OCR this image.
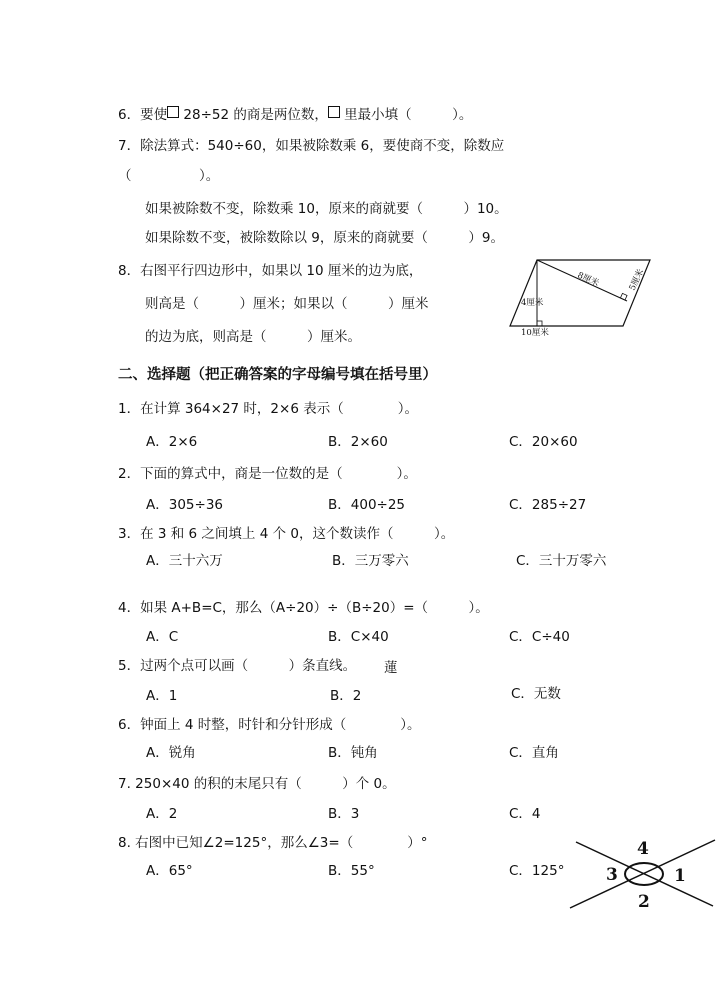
6．要使 28÷52 的商是两位数， 里最小填（　　　）。
7．除法算式：540÷60，如果被除数乘 6，要使商不变，除数应
（　　　　　）。
如果被除数不变，除数乘 10，原来的商就要（　　　）10。
如果除数不变，被除数除以 9，原来的商就要（　　　）9。
8．右图平行四边形中，如果以 10 厘米的边为底，
则高是（　　　）厘米；如果以（　　　）厘米
的边为底，则高是（　　　）厘米。
8厘米	5厘米
4厘米
10厘米
二、选择题（把正确答案的字母编号填在括号里）
1．在计算 364×27 时，2×6 表示（　　　　）。
A．2×6	B．2×60	C．20×60
2．下面的算式中，商是一位数的是（　　　　）。
A．305÷36	B．400÷25	C．285÷27
3．在 3 和 6 之间填上 4 个 0，这个数读作（　　　）。
A．三十六万	B．三万零六	C．三十万零六
4．如果 A+B=C，那么（A÷20）÷（B÷20）=（　　　）。
A．C	B．C×40	C．C÷40
5．过两个点可以画（　　　）条直线。 蓮
A．1	B．2	C．无数
6．钟面上 4 时整，时针和分针形成（　　　　）。
A．锐角	B．钝角	C．直角
7. 250×40 的积的末尾只有（　　　）个 0。
A．2	B．3	C．4
8. 右图中已知∠2=125°，那么∠3=（　　　　）°
A．65°	B．55°	C．125°	1
2
3
4
